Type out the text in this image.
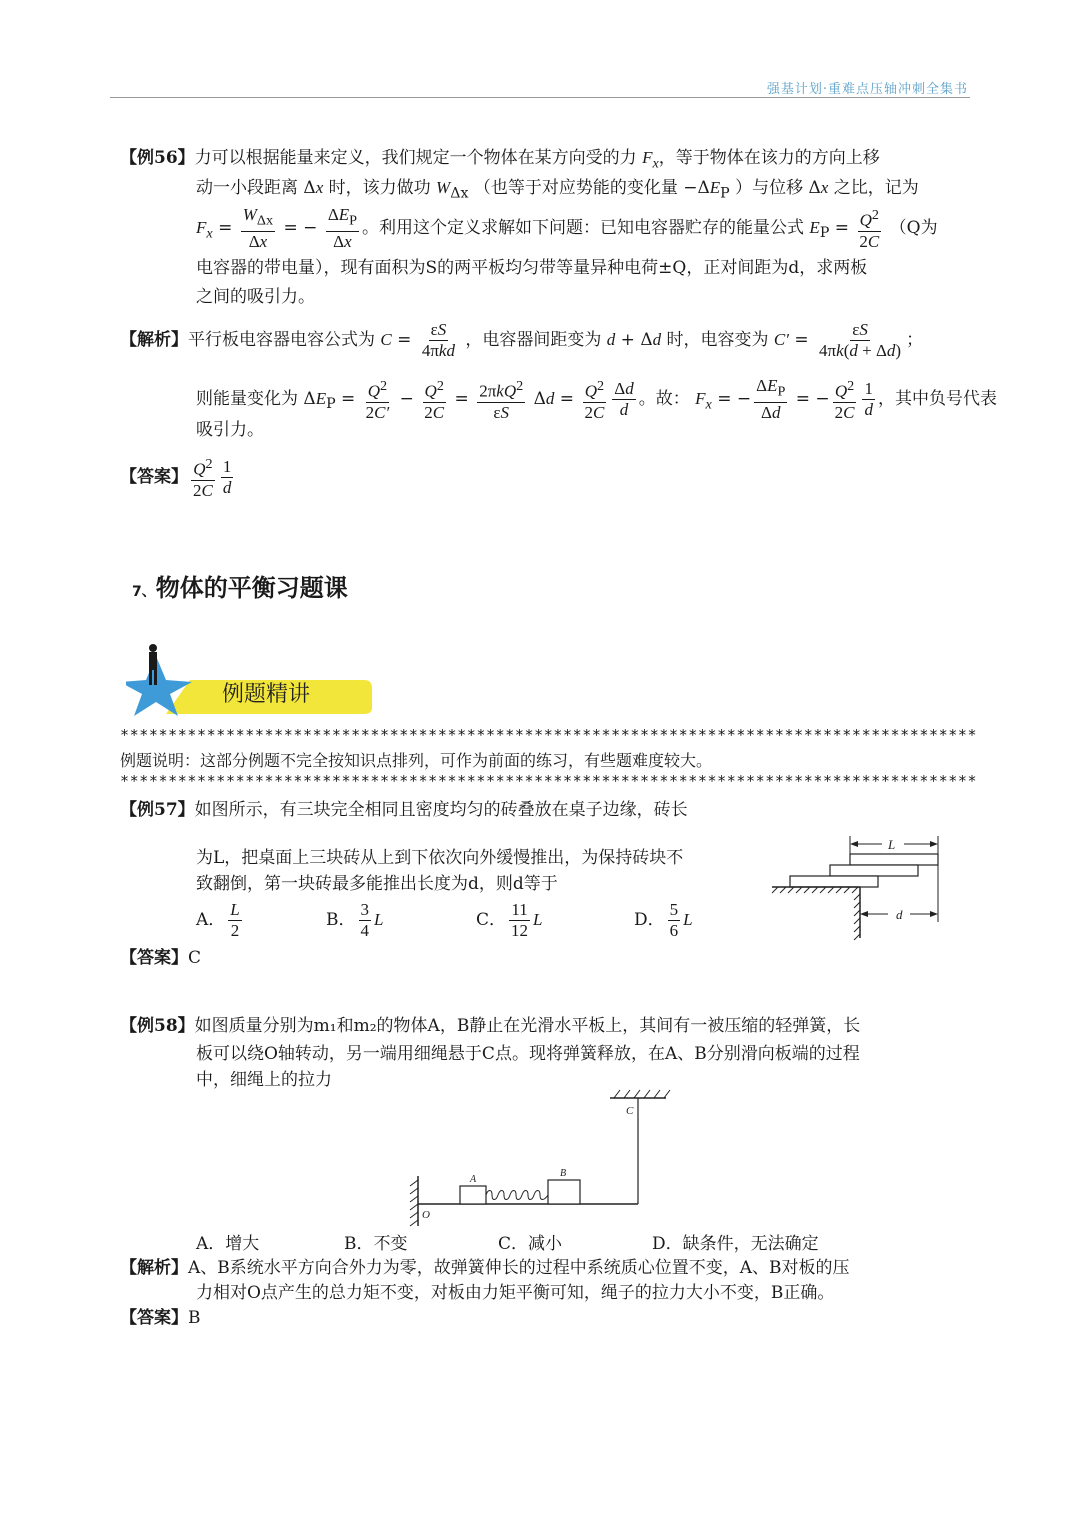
强基计划·重难点压轴冲刺全集书
【例56】力可以根据能量来定义，我们规定一个物体在某方向受的力 $F_x$，等于物体在该力的方向上移
动一小段距离 Δx 时，该力做功 $W_{\Delta x}$ （也等于对应势能的变化量 $-\Delta E_P$ ）与位移 Δx 之比，记为
$F_x = \frac{W_{\Delta x}}{\Delta x}$ = − $\frac{\Delta E_P}{\Delta x}$ 。利用这个定义求解如下问题：已知电容器贮存的能量公式 $E_P = \frac{Q^2}{2C} (Q$为
电容器的带电量），现有面积为S的两平板均匀带等量异种电荷±Q，正对间距为d，求两板
之间的吸引力。
【解析】平行板电容器电容公式为 $C = \frac{\varepsilon S}{\text{4πkd}}$ ，电容器间距变为 d + Δd 时，电容变为 $C' = \frac{\varepsilon S}{4\pi k(d + \Delta d)}$ ；
则能量变化为 $\Delta E_P = \frac{Q^2}{2C'} - \frac{Q^2}{2C} = \frac{2\pi kQ^2}{\varepsilon S}$ $\Delta d = \frac{Q^2}{2C} \frac{\Delta d}{d}$ 。故： $F_x$ = − $\frac{\Delta E_P}{\Delta d}$ = − $\frac{Q^2}{2C} \frac{1}{d}$ ，其中负号代表
吸引力。
【答案】 $\frac{Q^2}{2C} \frac{1}{d}$
7、物体的平衡习题课
例题精讲
*****************************************************************************************
例题说明：这部分例题不完全按知识点排列，可作为前面的练习，有些题难度较大。
*****************************************************************************************
【例57】如图所示，有三块完全相同且密度均匀的砖叠放在桌子边缘，砖长
为L，把桌面上三块砖从上到下依次向外缓慢推出，为保持砖块不
致翻倒，第一块砖最多能推出长度为d，则d等于
A． $\frac{L}{2}$	B． $\frac{3}{4}$ L	C． $\frac{11}{12}$ L	D． $\frac{5}{6}$ L
L
d
【答案】C
【例58】如图质量分别为m₁和m₂的物体A，B静止在光滑水平板上，其间有一被压缩的轻弹簧，长
板可以绕O轴转动，另一端用细绳悬于C点。现将弹簧释放，在A、B分别滑向板端的过程
中，细绳上的拉力
C
O
A
B
A．增大	B．不变	C．减小	D．缺条件，无法确定
【解析】A、B系统水平方向合外力为零，故弹簧伸长的过程中系统质心位置不变，A、B对板的压
力相对O点产生的总力矩不变，对板由力矩平衡可知，绳子的拉力大小不变，B正确。
【答案】B
